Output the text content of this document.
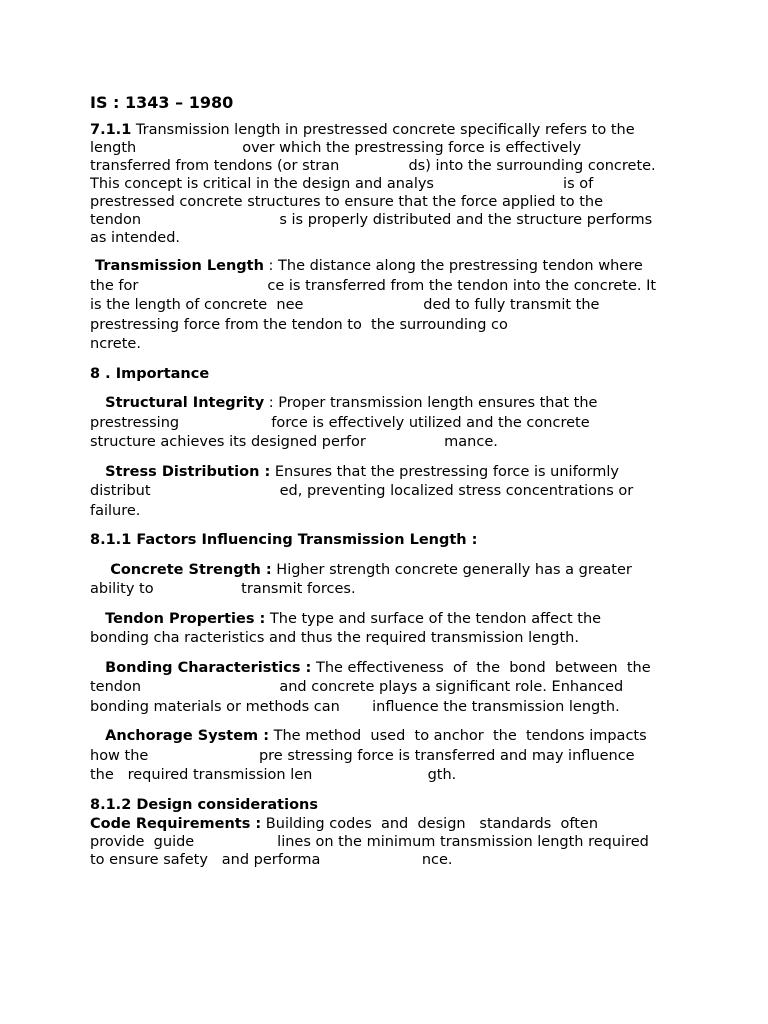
IS : 1343 – 1980
7.1.1 Transmission length in prestressed concrete specifically refers to the
length                       over which the prestressing force is effectively
transferred from tendons (or stran               ds) into the surrounding concrete.
This concept is critical in the design and analys                            is of
prestressed concrete structures to ensure that the force applied to the
tendon                              s is properly distributed and the structure performs
as intended.
Transmission Length : The distance along the prestressing tendon where
the for                            ce is transferred from the tendon into the concrete. It
is the length of concrete  nee                          ded to fully transmit the
prestressing force from the tendon to  the surrounding co
ncrete.
8 . Importance
Structural Integrity : Proper transmission length ensures that the
prestressing                    force is effectively utilized and the concrete
structure achieves its designed perfor                 mance.
Stress Distribution : Ensures that the prestressing force is uniformly
distribut                            ed, preventing localized stress concentrations or
failure.
8.1.1 Factors Influencing Transmission Length :
Concrete Strength : Higher strength concrete generally has a greater
ability to                   transmit forces.
Tendon Properties : The type and surface of the tendon affect the
bonding cha racteristics and thus the required transmission length.
Bonding Characteristics : The effectiveness  of  the  bond  between  the
tendon                              and concrete plays a significant role. Enhanced
bonding materials or methods can       influence the transmission length.
Anchorage System : The method  used  to anchor  the  tendons impacts
how the                        pre stressing force is transferred and may influence
the   required transmission len                         gth.
8.1.2 Design considerations
Code Requirements : Building codes  and  design   standards  often
provide  guide                  lines on the minimum transmission length required
to ensure safety   and performa                      nce.
